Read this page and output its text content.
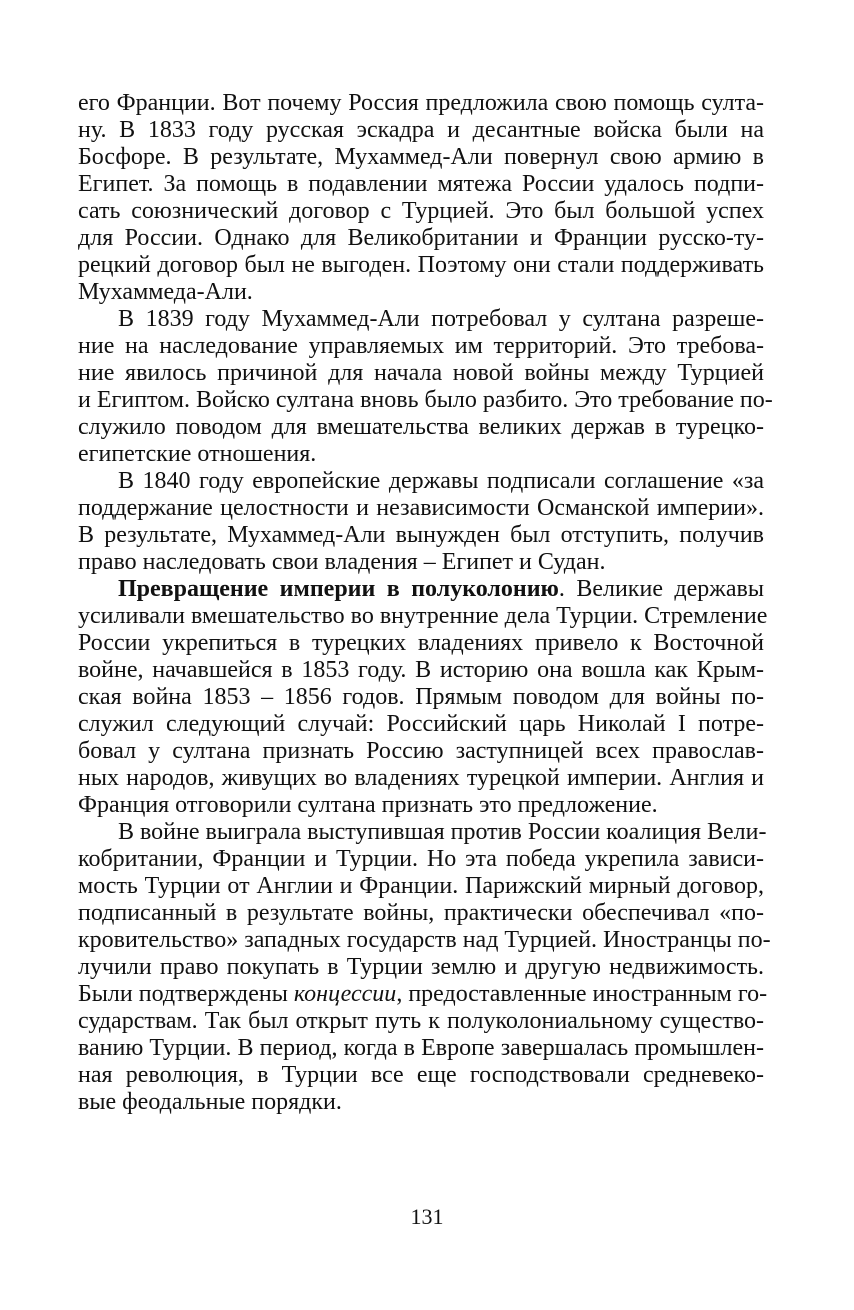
его Франции. Вот почему Россия предложила свою помощь султа-
ну. В 1833 году русская эскадра и десантные войска были на
Босфоре. В результате, Мухаммед-Али повернул свою армию в
Египет. За помощь в подавлении мятежа России удалось подпи-
сать союзнический договор с Турцией. Это был большой успех
для России. Однако для Великобритании и Франции русско-ту-
рецкий договор был не выгоден. Поэтому они стали поддерживать
Мухаммеда-Али.
В 1839 году Мухаммед-Али потребовал у султана разреше-
ние на наследование управляемых им территорий. Это требова-
ние явилось причиной для начала новой войны между Турцией
и Египтом. Войско султана вновь было разбито. Это требование по-
служило поводом для вмешательства великих держав в турецко-
египетские отношения.
В 1840 году европейские державы подписали соглашение «за
поддержание целостности и независимости Османской империи».
В результате, Мухаммед-Али вынужден был отступить, получив
право наследовать свои владения – Египет и Судан.
Превращение империи в полуколонию. Великие державы
усиливали вмешательство во внутренние дела Турции. Стремление
России укрепиться в турецких владениях привело к Восточной
войне, начавшейся в 1853 году. В историю она вошла как Крым-
ская война 1853 – 1856 годов. Прямым поводом для войны по-
служил следующий случай: Российский царь Николай I потре-
бовал у султана признать Россию заступницей всех православ-
ных народов, живущих во владениях турецкой империи. Англия и
Франция отговорили султана признать это предложение.
В войне выиграла выступившая против России коалиция Вели-
кобритании, Франции и Турции. Но эта победа укрепила зависи-
мость Турции от Англии и Франции. Парижский мирный договор,
подписанный в результате войны, практически обеспечивал «по-
кровительство» западных государств над Турцией. Иностранцы по-
лучили право покупать в Турции землю и другую недвижимость.
Были подтверждены концессии, предоставленные иностранным го-
сударствам. Так был открыт путь к полуколониальному существо-
ванию Турции. В период, когда в Европе завершалась промышлен-
ная революция, в Турции все еще господствовали средневеко-
вые феодальные порядки.
131
